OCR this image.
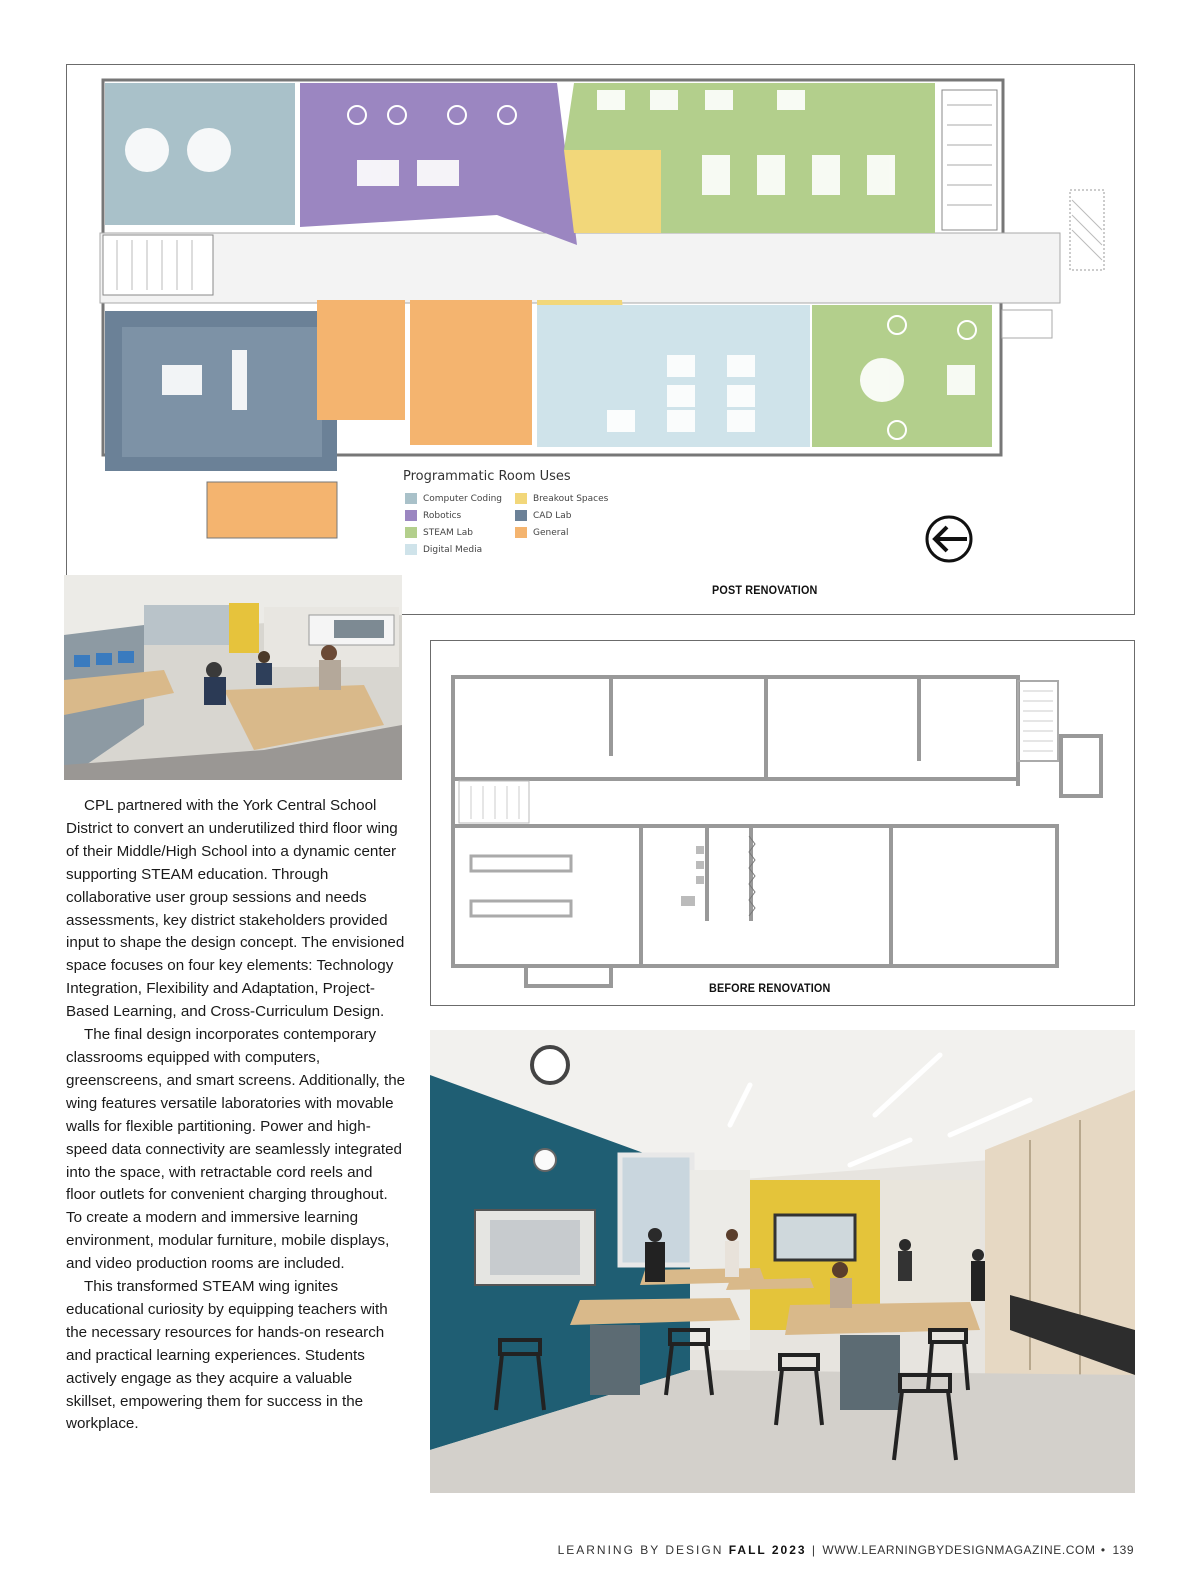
Programmatic Room Uses
Computer Coding
Robotics
STEAM Lab
Digital Media
Breakout Spaces
CAD Lab
General
POST RENOVATION
BEFORE RENOVATION

CPL partnered with the York Central School District to convert an underutilized third floor wing of their Middle/High School into a dynamic center supporting STEAM education. Through collaborative user group sessions and needs assessments, key district stakeholders provided input to shape the design concept. The envisioned space focuses on four key elements: Technology Integration, Flexibility and Adaptation, Project-Based Learning, and Cross-Curriculum Design.

The final design incorporates contemporary classrooms equipped with computers, greenscreens, and smart screens. Additionally, the wing features versatile laboratories with movable walls for flexible partitioning. Power and high-speed data connectivity are seamlessly integrated into the space, with retractable cord reels and floor outlets for convenient charging throughout. To create a modern and immersive learning environment, modular furniture, mobile displays, and video production rooms are included.

This transformed STEAM wing ignites educational curiosity by equipping teachers with the necessary resources for hands-on research and practical learning experiences. Students actively engage as they acquire a valuable skillset, empowering them for success in the workplace.

LEARNING BY DESIGN FALL 2023 | WWW.LEARNINGBYDESIGNMAGAZINE.COM • 139
